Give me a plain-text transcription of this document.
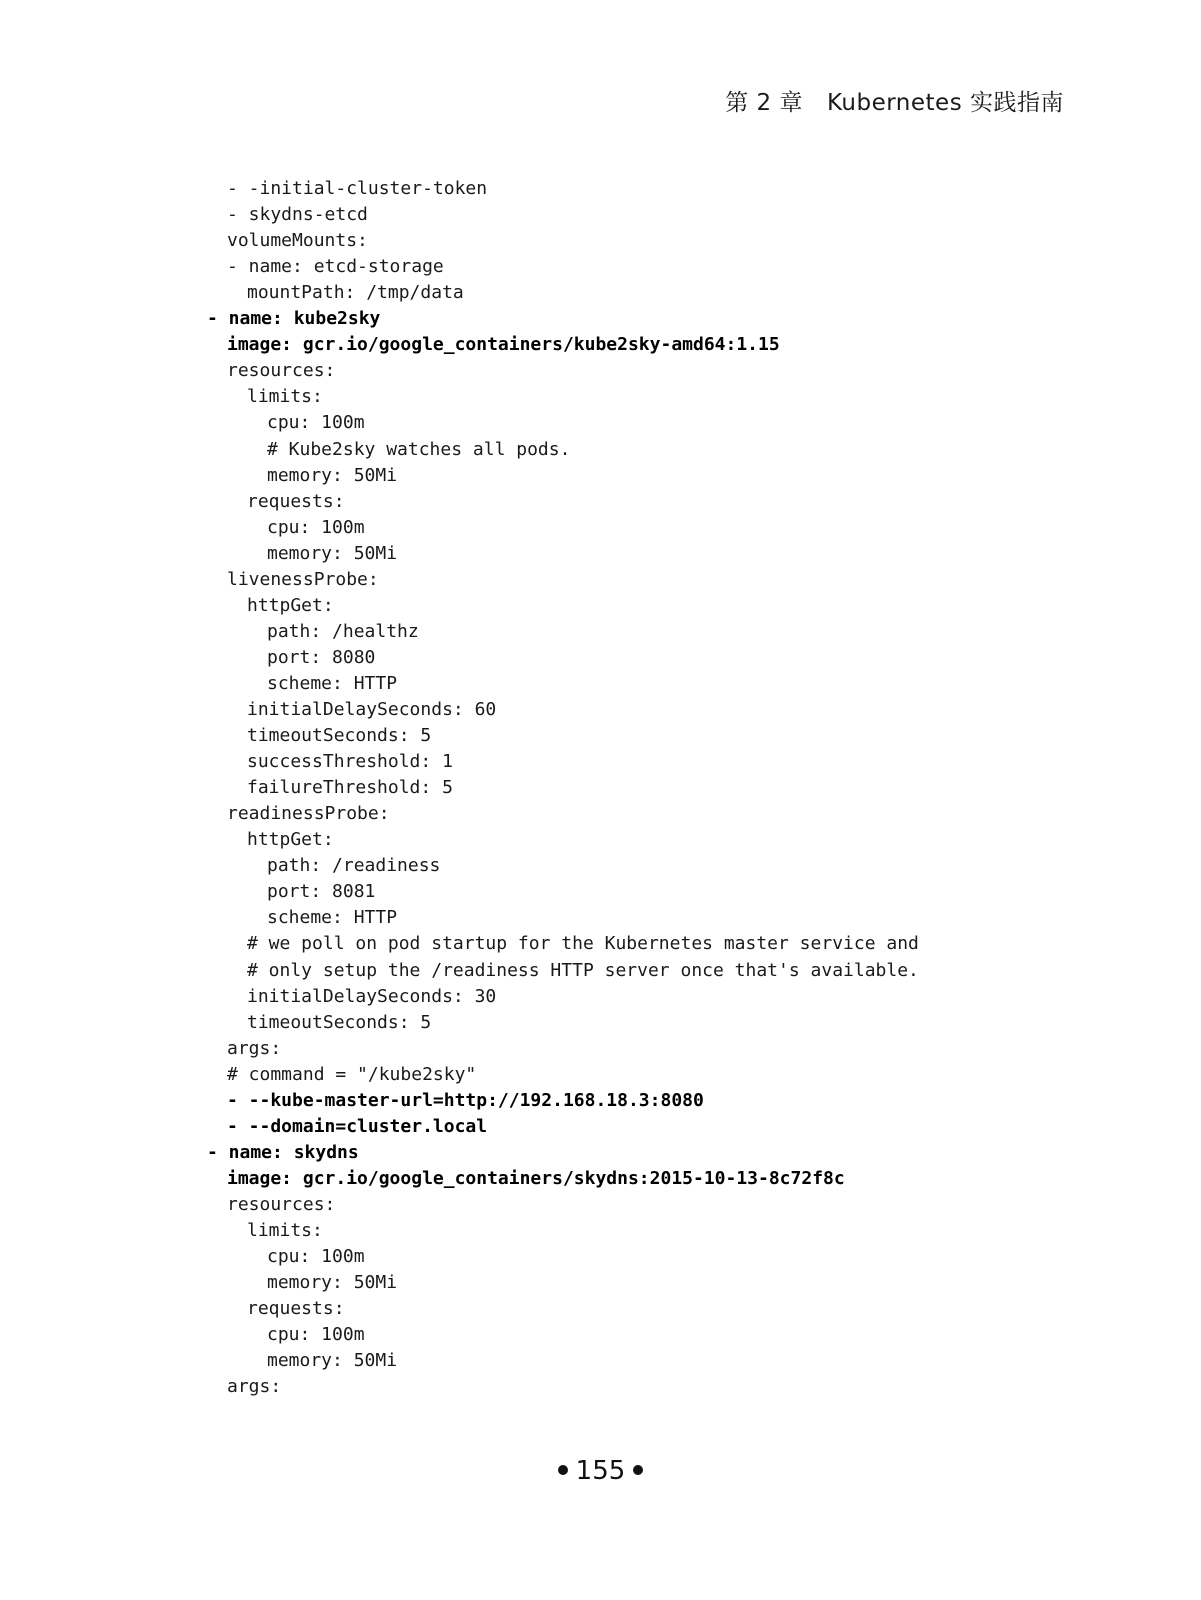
第 2 章 Kubernetes 实践指南
- -initial-cluster-token
- skydns-etcd
volumeMounts:
- name: etcd-storage
mountPath: /tmp/data
- name: kube2sky
image: gcr.io/google_containers/kube2sky-amd64:1.15
resources:
limits:
cpu: 100m
# Kube2sky watches all pods.
memory: 50Mi
requests:
cpu: 100m
memory: 50Mi
livenessProbe:
httpGet:
path: /healthz
port: 8080
scheme: HTTP
initialDelaySeconds: 60
timeoutSeconds: 5
successThreshold: 1
failureThreshold: 5
readinessProbe:
httpGet:
path: /readiness
port: 8081
scheme: HTTP
# we poll on pod startup for the Kubernetes master service and
# only setup the /readiness HTTP server once that's available.
initialDelaySeconds: 30
timeoutSeconds: 5
args:
# command = "/kube2sky"
- --kube-master-url=http://192.168.18.3:8080
- --domain=cluster.local
- name: skydns
image: gcr.io/google_containers/skydns:2015-10-13-8c72f8c
resources:
limits:
cpu: 100m
memory: 50Mi
requests:
cpu: 100m
memory: 50Mi
args:
155
